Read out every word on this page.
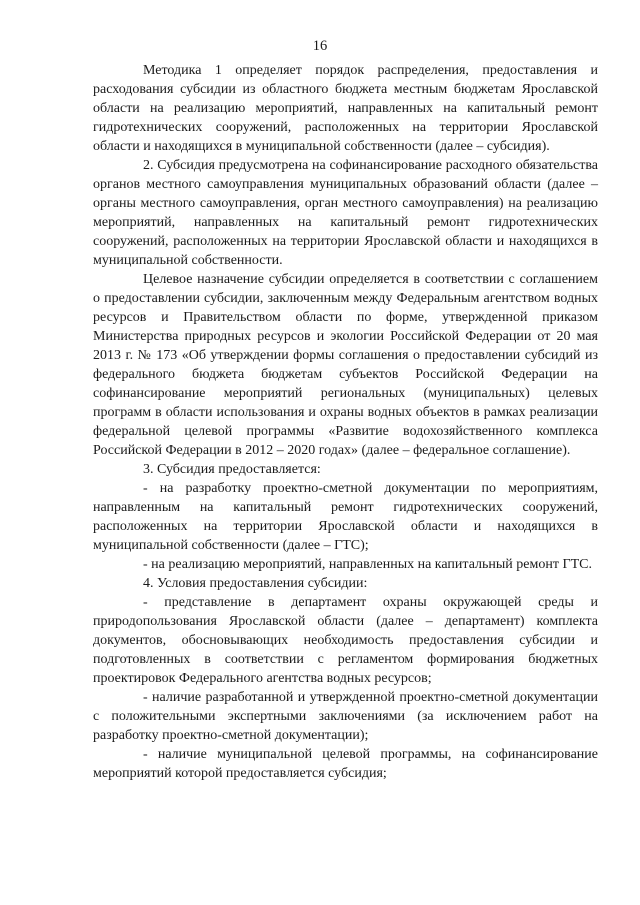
16

Методика 1 определяет порядок распределения, предоставления и расходования субсидии из областного бюджета местным бюджетам Ярославской области на реализацию мероприятий, направленных на капитальный ремонт гидротехнических сооружений, расположенных на территории Ярославской области и находящихся в муниципальной собственности (далее – субсидия).

2. Субсидия предусмотрена на софинансирование расходного обязательства органов местного самоуправления муниципальных образований области (далее – органы местного самоуправления, орган местного самоуправления) на реализацию мероприятий, направленных на капитальный ремонт гидротехнических сооружений, расположенных на территории Ярославской области и находящихся в муниципальной собственности.

Целевое назначение субсидии определяется в соответствии с соглашением о предоставлении субсидии, заключенным между Федеральным агентством водных ресурсов и Правительством области по форме, утвержденной приказом Министерства природных ресурсов и экологии Российской Федерации от 20 мая 2013 г. № 173 «Об утверждении формы соглашения о предоставлении субсидий из федерального бюджета бюджетам субъектов Российской Федерации на софинансирование мероприятий региональных (муниципальных) целевых программ в области использования и охраны водных объектов в рамках реализации федеральной целевой программы «Развитие водохозяйственного комплекса Российской Федерации в 2012 – 2020 годах» (далее – федеральное соглашение).

3. Субсидия предоставляется:

- на разработку проектно-сметной документации по мероприятиям, направленным на капитальный ремонт гидротехнических сооружений, расположенных на территории Ярославской области и находящихся в муниципальной собственности (далее – ГТС);

- на реализацию мероприятий, направленных на капитальный ремонт ГТС.

4. Условия предоставления субсидии:

- представление в департамент охраны окружающей среды и природопользования Ярославской области (далее – департамент) комплекта документов, обосновывающих необходимость предоставления субсидии и подготовленных в соответствии с регламентом формирования бюджетных проектировок Федерального агентства водных ресурсов;

- наличие разработанной и утвержденной проектно-сметной документации с положительными экспертными заключениями (за исключением работ на разработку проектно-сметной документации);

- наличие муниципальной целевой программы, на софинансирование мероприятий которой предоставляется субсидия;
